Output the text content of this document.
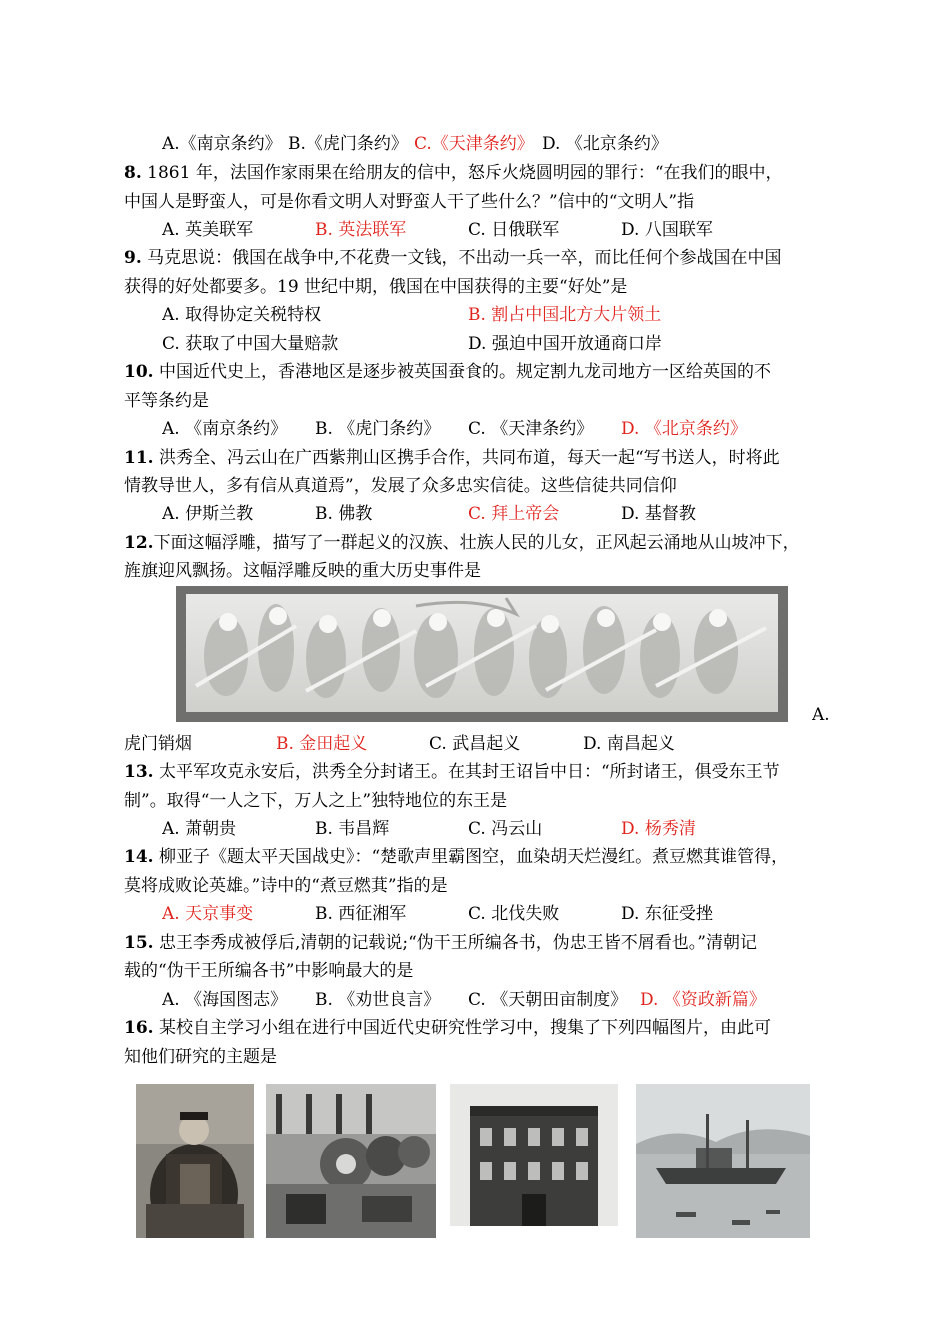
A.《南京条约》 B.《虎门条约》 C.《天津条约》 D. 《北京条约》
8. 1861 年，法国作家雨果在给朋友的信中，怒斥火烧圆明园的罪行：“在我们的眼中，
中国人是野蛮人，可是你看文明人对野蛮人干了些什么？”信中的“文明人”指
A. 英美联军	B. 英法联军	C. 日俄联军	D. 八国联军
9. 马克思说：俄国在战争中,不花费一文钱，不出动一兵一卒，而比任何个参战国在中国
获得的好处都要多。19 世纪中期，俄国在中国获得的主要“好处”是
A. 取得协定关税特权	B. 割占中国北方大片领土
C. 获取了中国大量赔款	D. 强迫中国开放通商口岸
10. 中国近代史上，香港地区是逐步被英国蚕食的。规定割九龙司地方一区给英国的不
平等条约是
A. 《南京条约》 B. 《虎门条约》 C. 《天津条约》 D. 《北京条约》
11. 洪秀全、冯云山在广西紫荆山区携手合作，共同布道，每天一起“写书送人，时将此
情教导世人，多有信从真道焉”，发展了众多忠实信徒。这些信徒共同信仰
A. 伊斯兰教	B. 佛教	C. 拜上帝会	D. 基督教
12.下面这幅浮雕，描写了一群起义的汉族、壮族人民的儿女，正风起云涌地从山坡冲下，
旌旗迎风飘扬。这幅浮雕反映的重大历史事件是
A.
虎门销烟	B. 金田起义	C. 武昌起义	D. 南昌起义
13. 太平军攻克永安后，洪秀全分封诸王。在其封王诏旨中日：“所封诸王，俱受东王节
制”。取得“一人之下，万人之上”独特地位的东王是
A. 萧朝贵	B. 韦昌辉	C. 冯云山	D. 杨秀清
14. 柳亚子《题太平天国战史》：“楚歌声里霸图空，血染胡天烂漫红。煮豆燃萁谁管得，
莫将成败论英雄。”诗中的“煮豆燃萁”指的是
A. 天京事变	B. 西征湘军	C. 北伐失败	D. 东征受挫
15. 忠王李秀成被俘后,清朝的记载说;“伪干王所编各书，伪忠王皆不屑看也。”清朝记
载的“伪干王所编各书”中影响最大的是
A. 《海国图志》 B. 《劝世良言》 C. 《天朝田亩制度》 D. 《资政新篇》
16. 某校自主学习小组在进行中国近代史研究性学习中，搜集了下列四幅图片，由此可
知他们研究的主题是
